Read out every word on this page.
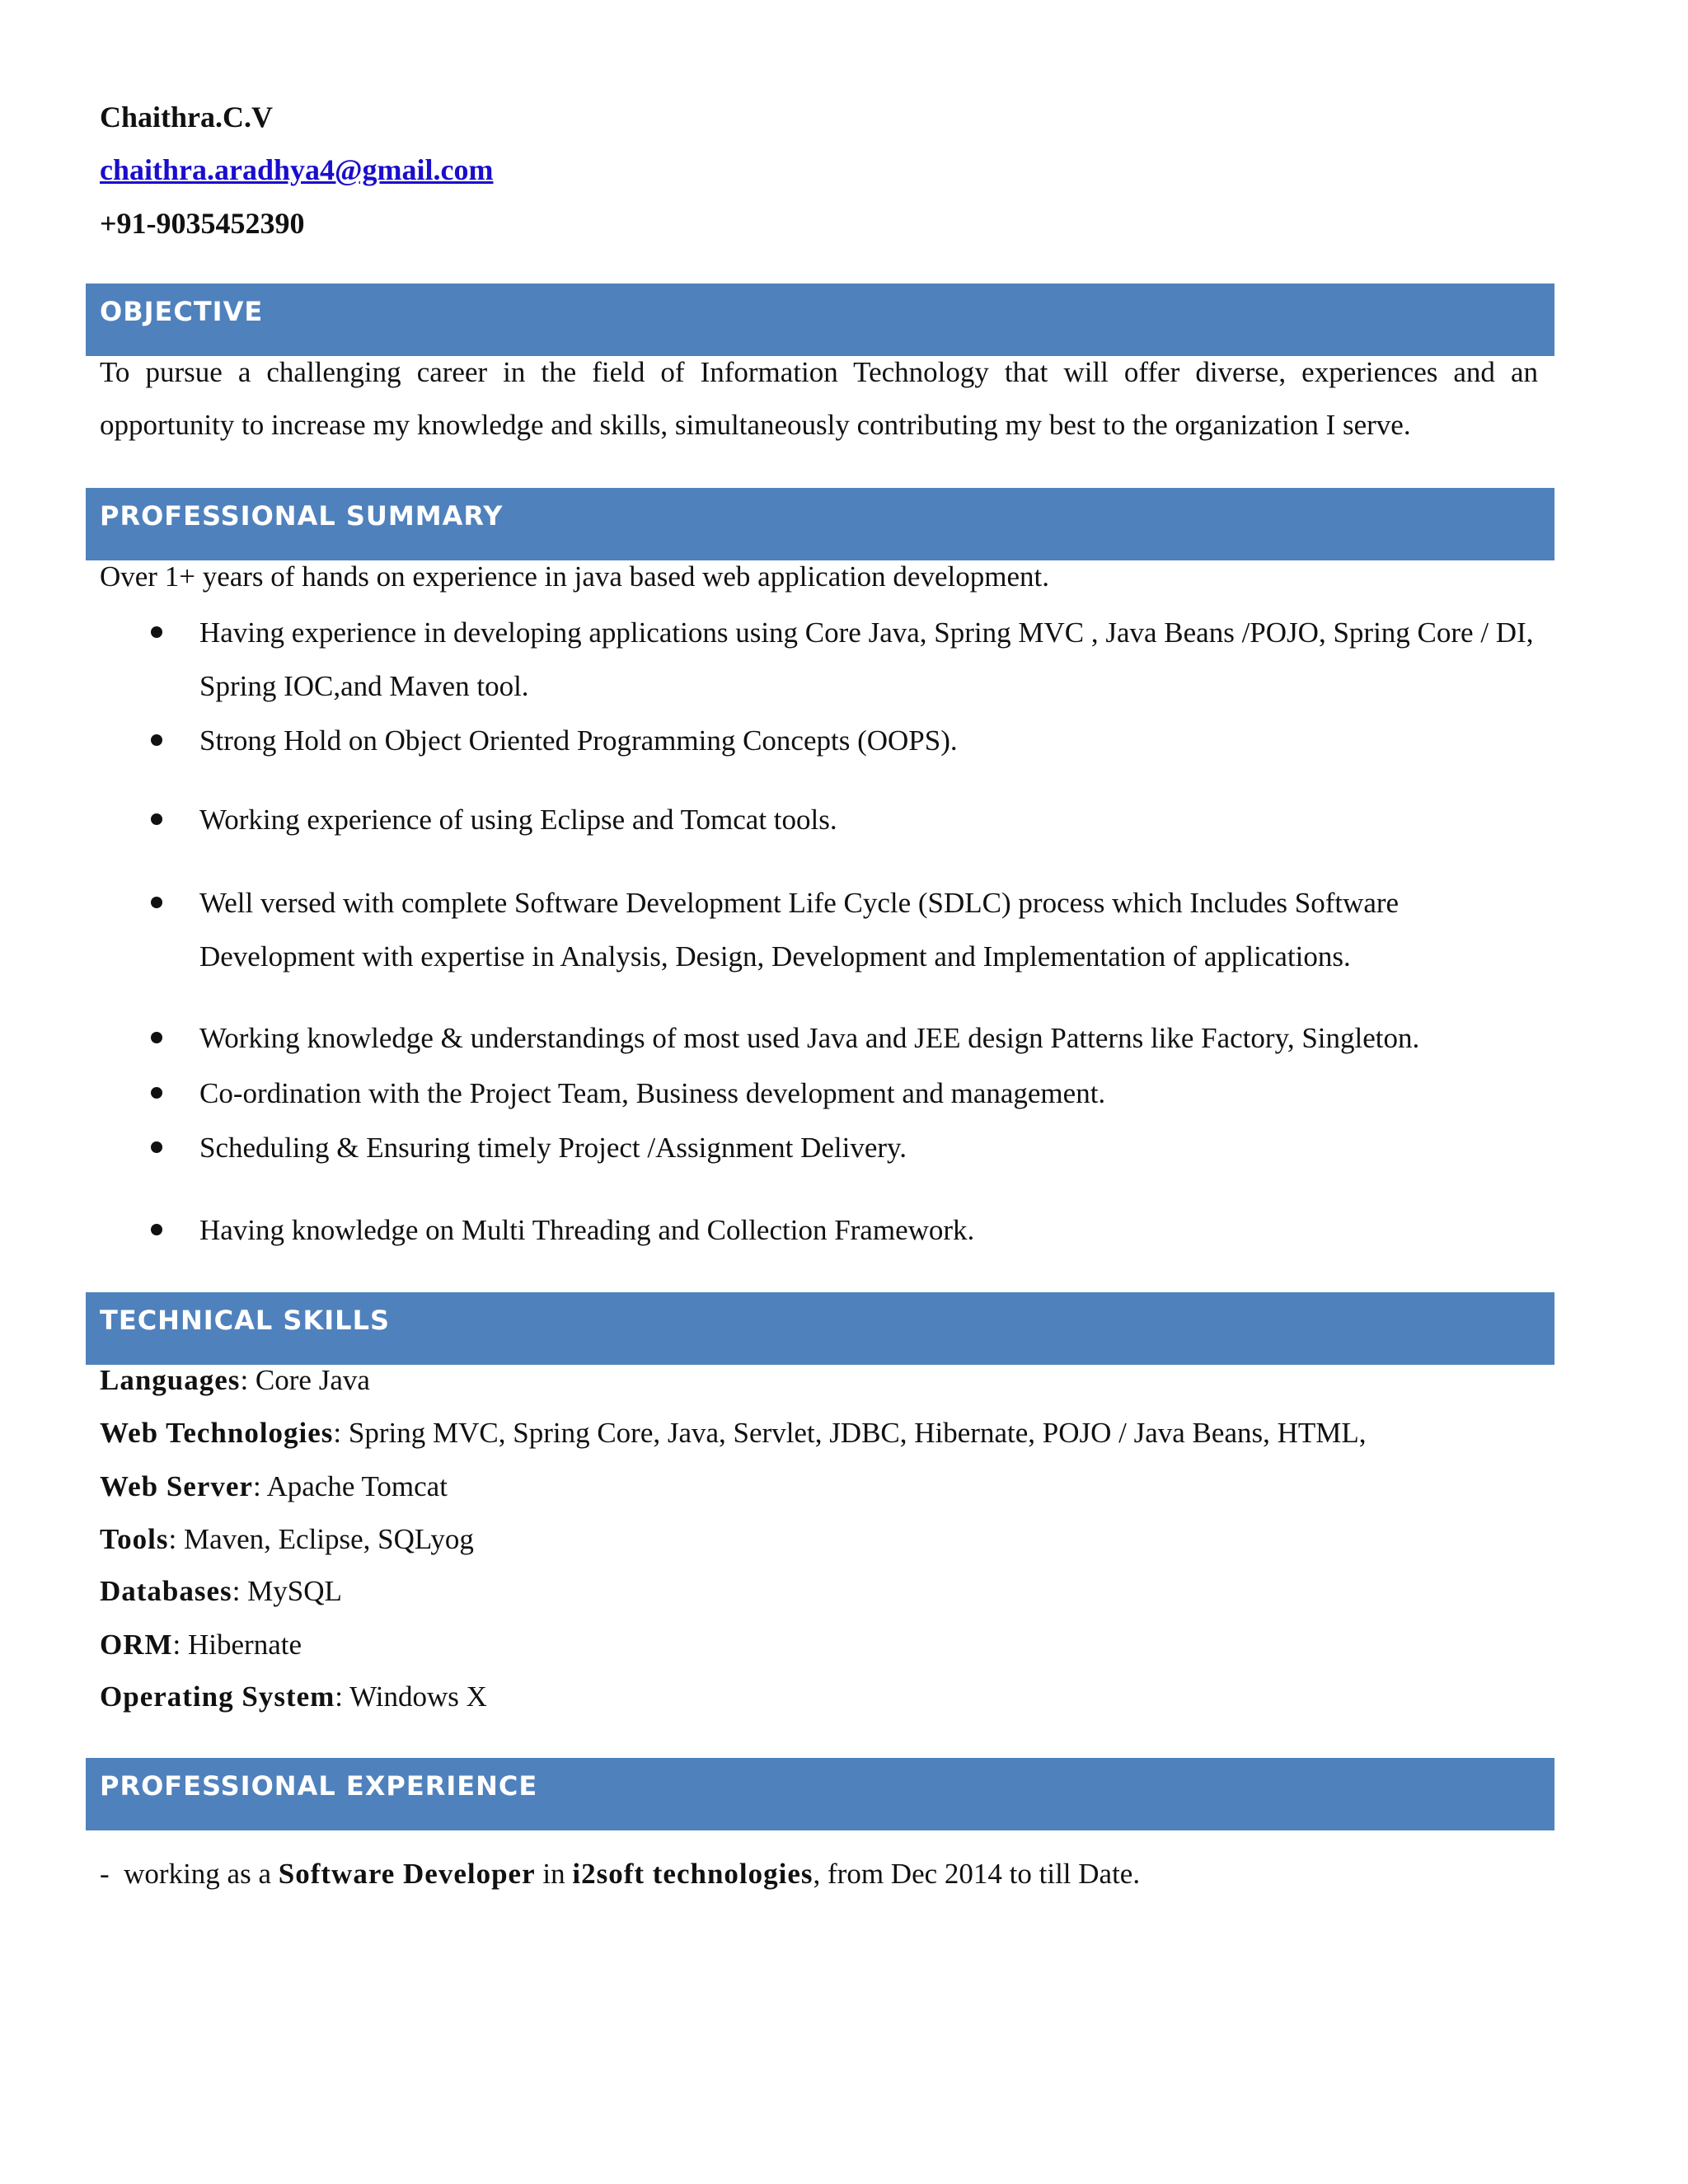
Chaithra.C.V
chaithra.aradhya4@gmail.com
+91-9035452390
OBJECTIVE
To pursue a challenging career in the field of Information Technology that will offer diverse, experiences and an
opportunity to increase my knowledge and skills, simultaneously contributing my best to the organization I serve.
PROFESSIONAL SUMMARY
Over 1+ years of hands on experience in java based web application development.
Having experience in developing applications using Core Java, Spring MVC , Java Beans /POJO, Spring Core / DI, Spring IOC,and Maven tool.
Strong Hold on Object Oriented Programming Concepts (OOPS).
Working experience of using Eclipse and Tomcat tools.
Well versed with complete Software Development Life Cycle (SDLC) process which Includes Software Development with expertise in Analysis, Design, Development and Implementation of applications.
Working knowledge & understandings of most used Java and JEE design Patterns like Factory, Singleton.
Co-ordination with the Project Team, Business development and management.
Scheduling & Ensuring timely Project /Assignment Delivery.
Having knowledge on Multi Threading and Collection Framework.
TECHNICAL SKILLS
Languages: Core Java
Web Technologies: Spring MVC, Spring Core, Java, Servlet, JDBC, Hibernate, POJO / Java Beans, HTML,
Web Server: Apache Tomcat
Tools: Maven, Eclipse, SQLyog
Databases: MySQL
ORM: Hibernate
Operating System: Windows X
PROFESSIONAL EXPERIENCE
-  working as a Software Developer in i2soft technologies, from Dec 2014 to till Date.
